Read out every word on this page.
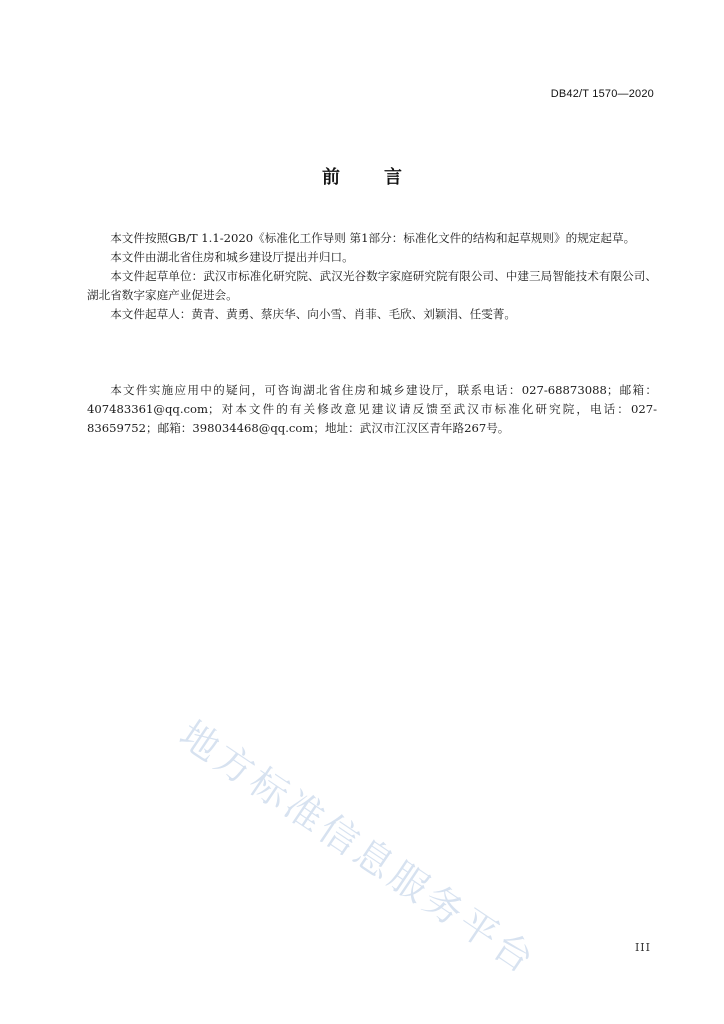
DB42/T 1570—2020
前 言

本文件按照GB/T 1.1-2020《标准化工作导则 第1部分：标准化文件的结构和起草规则》的规定起草。

本文件由湖北省住房和城乡建设厅提出并归口。

本文件起草单位：武汉市标准化研究院、武汉光谷数字家庭研究院有限公司、中建三局智能技术有限公司、湖北省数字家庭产业促进会。

本文件起草人：黄青、黄勇、蔡庆华、向小雪、肖菲、毛欣、刘颖涓、任雯菁。

本文件实施应用中的疑问，可咨询湖北省住房和城乡建设厅，联系电话：027-68873088；邮箱：407483361@qq.com；对本文件的有关修改意见建议请反馈至武汉市标准化研究院，电话：027-83659752；邮箱：398034468@qq.com；地址：武汉市江汉区青年路267号。

地方标准信息服务平台	III
